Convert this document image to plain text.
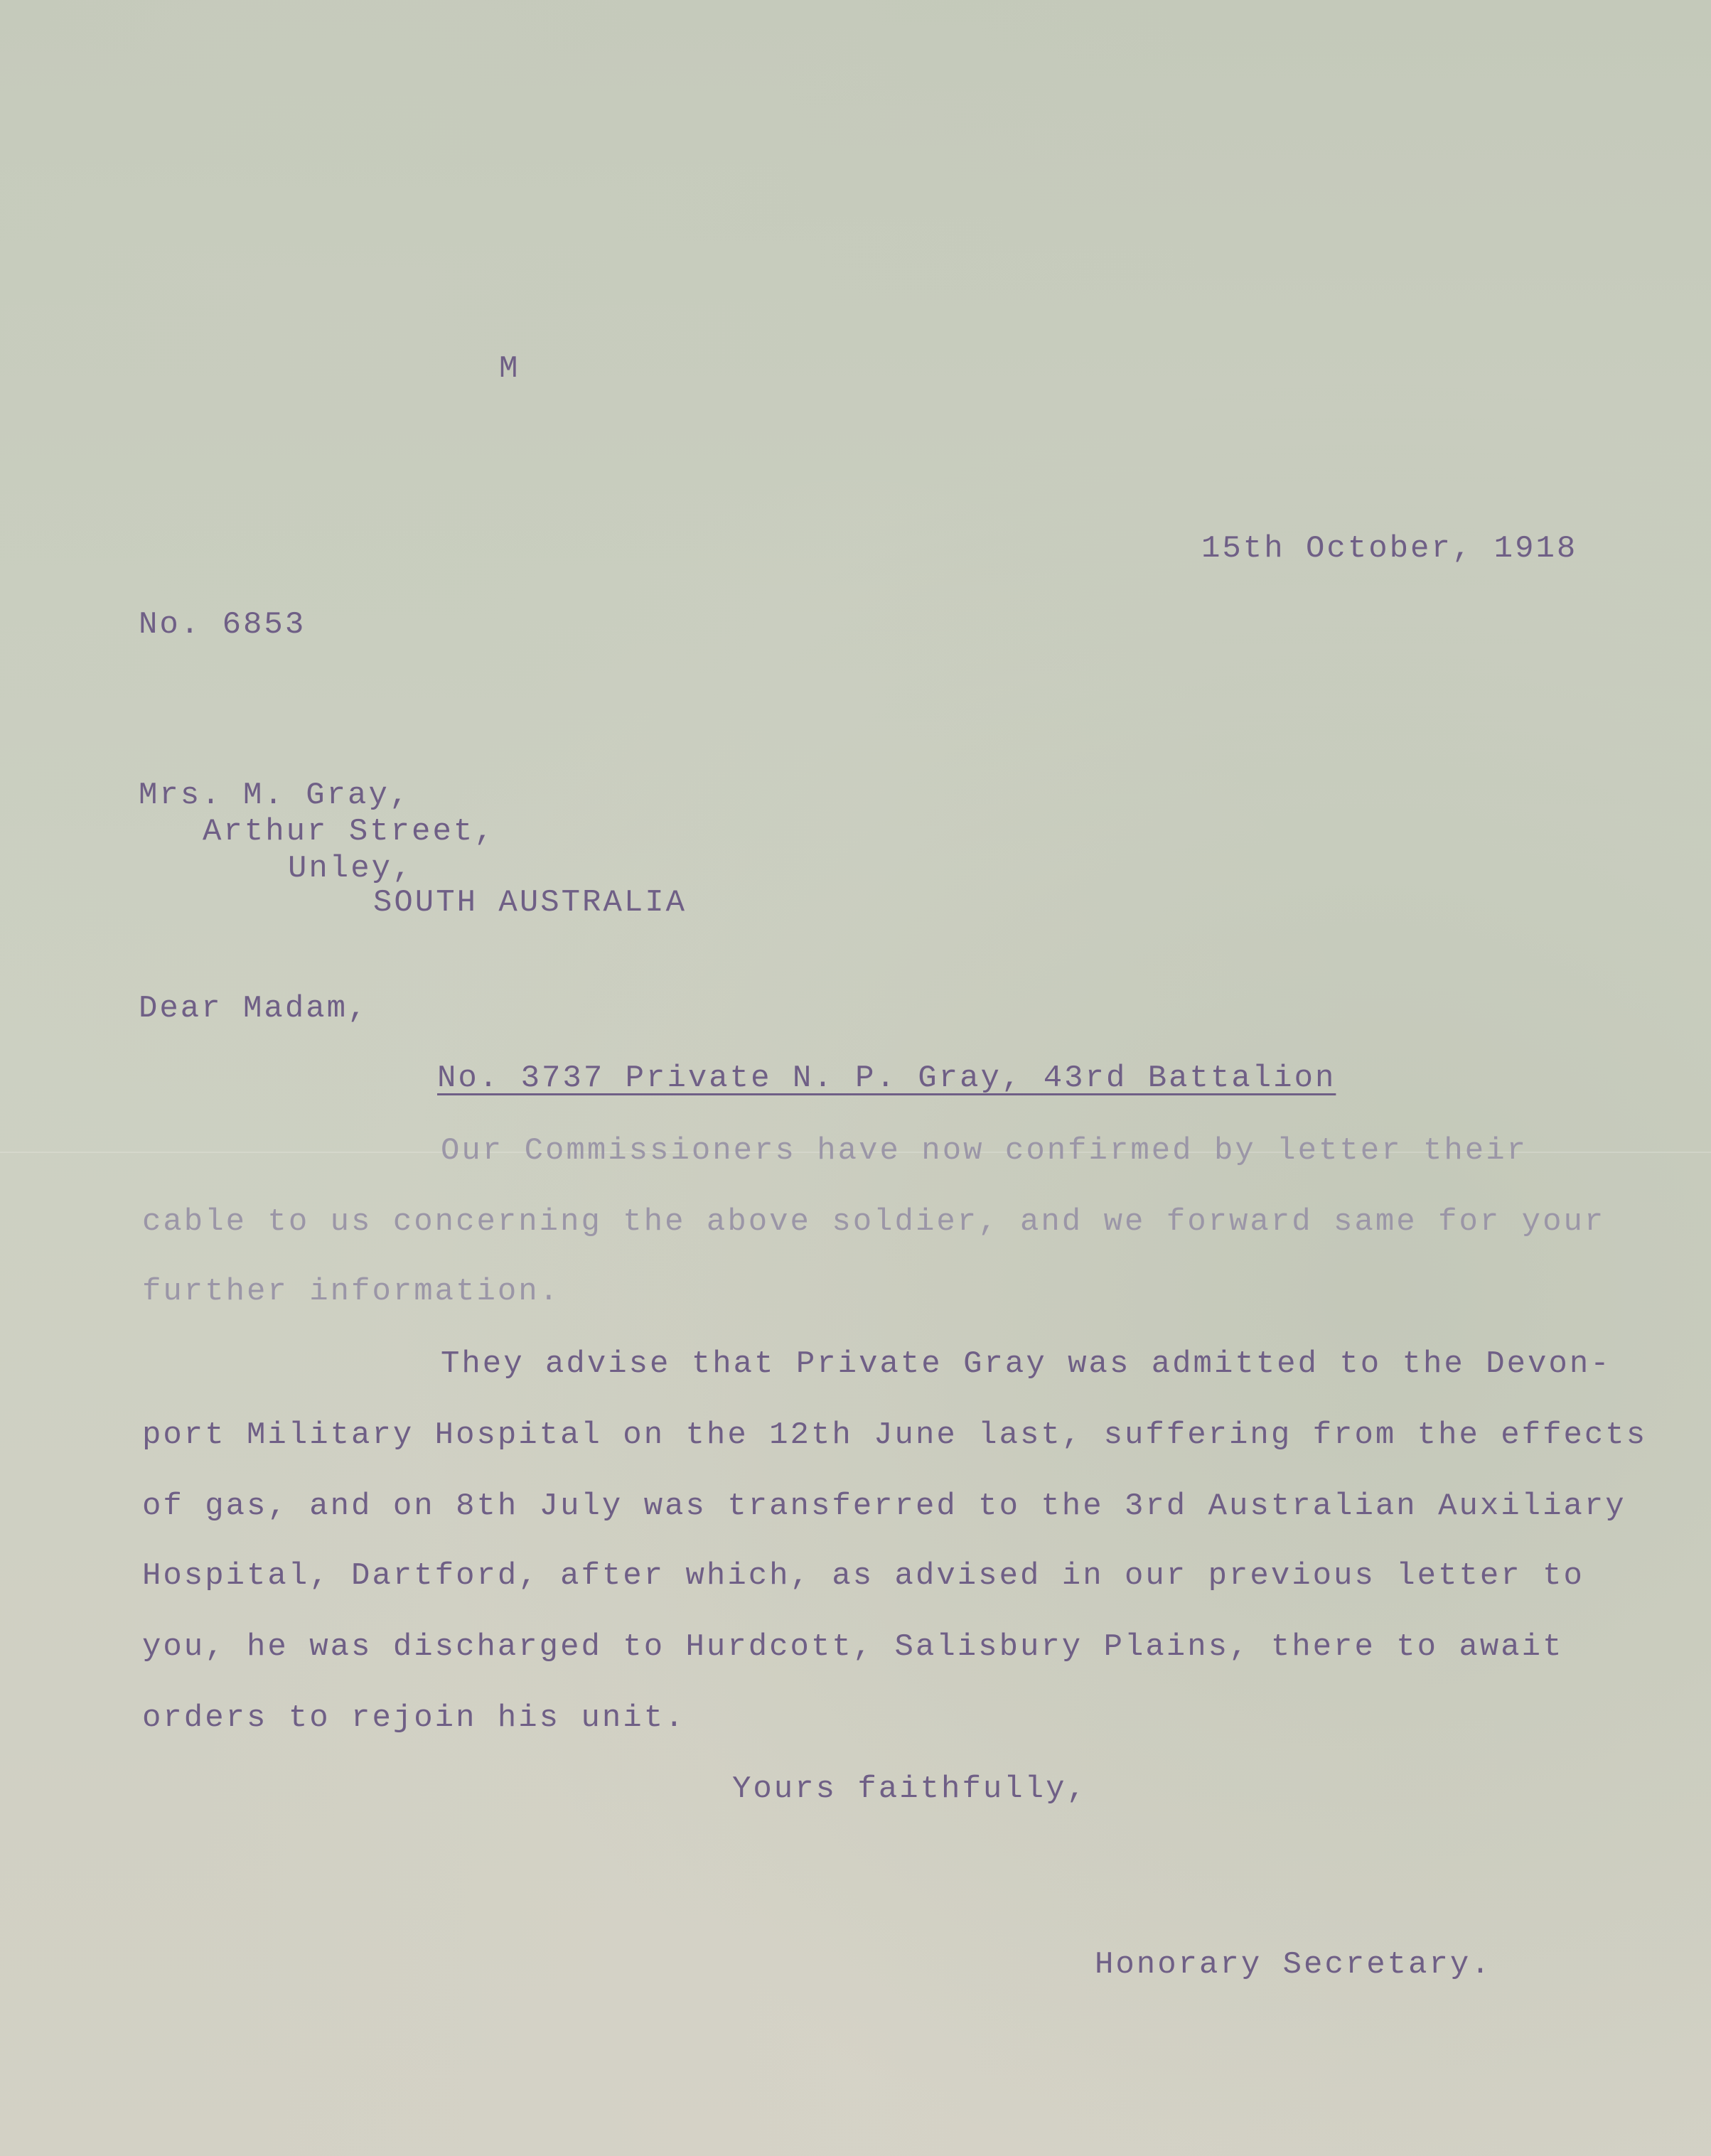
M
15th October, 1918
No. 6853
Mrs. M. Gray,
Arthur Street,
Unley,
SOUTH AUSTRALIA
Dear Madam,
No. 3737 Private N. P. Gray, 43rd Battalion
Our Commissioners have now confirmed by letter their
cable to us concerning the above soldier, and we forward same for your
further information.
They advise that Private Gray was admitted to the Devon-
port Military Hospital on the 12th June last, suffering from the effects
of gas, and on 8th July was transferred to the 3rd Australian Auxiliary
Hospital, Dartford, after which, as advised in our previous letter to
you, he was discharged to Hurdcott, Salisbury Plains, there to await
orders to rejoin his unit.
Yours faithfully,
Honorary Secretary.
